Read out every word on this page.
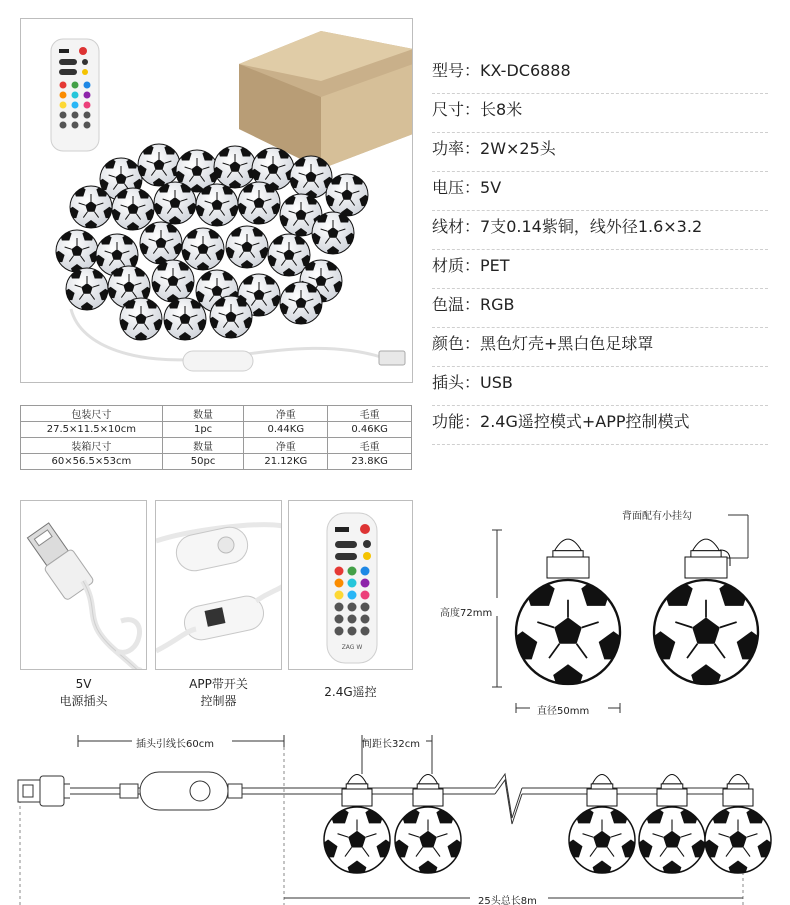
型号：KX-DC6888
尺寸：长8米
功率：2W×25头
电压：5V
线材：7支0.14紫铜，线外径1.6×3.2
材质：PET
色温：RGB
颜色：黑色灯壳+黑白色足球罩
插头：USB
功能：2.4G遥控模式+APP控制模式
包装尺寸	数量	净重	毛重
27.5×11.5×10cm	1pc	0.44KG	0.46KG
装箱尺寸	数量	净重	毛重
60×56.5×53cm	50pc	21.12KG	23.8KG
ZAG W
5V
电源插头
APP带开关
控制器
2.4G遥控
背面配有小挂勾
高度72mm
直径50mm
插头引线长60cm	间距长32cm
25头总长8m
